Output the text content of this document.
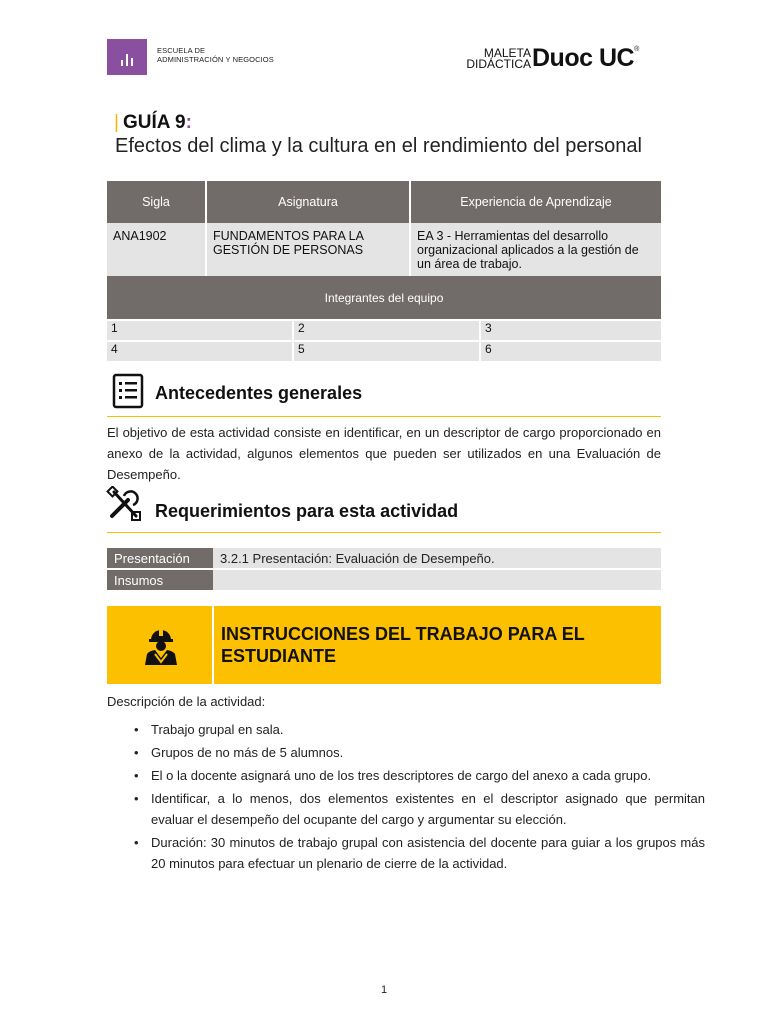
ESCUELA DE
ADMINISTRACIÓN Y NEGOCIOS	MALETA
DIDÁCTICA Duoc UC®
| GUÍA 9:
Efectos del clima y la cultura en el rendimiento del personal
Sigla	Asignatura	Experiencia de Aprendizaje
ANA1902	FUNDAMENTOS PARA LA GESTIÓN DE PERSONAS	EA 3 - Herramientas del desarrollo organizacional aplicados a la gestión de un área de trabajo.
Integrantes del equipo		
1	2	3
4	5	6
Antecedentes generales
El objetivo de esta actividad consiste en identificar, en un descriptor de cargo proporcionado en anexo de la actividad, algunos elementos que pueden ser utilizados en una Evaluación de Desempeño.
Requerimientos para esta actividad
Presentación	3.2.1 Presentación: Evaluación de Desempeño.
Insumos	
INSTRUCCIONES DEL TRABAJO PARA EL ESTUDIANTE
Descripción de la actividad:
• Trabajo grupal en sala.
• Grupos de no más de 5 alumnos.
• El o la docente asignará uno de los tres descriptores de cargo del anexo a cada grupo.
• Identificar, a lo menos, dos elementos existentes en el descriptor asignado que permitan evaluar el desempeño del ocupante del cargo y argumentar su elección.
• Duración: 30 minutos de trabajo grupal con asistencia del docente para guiar a los grupos más 20 minutos para efectuar un plenario de cierre de la actividad.
1
